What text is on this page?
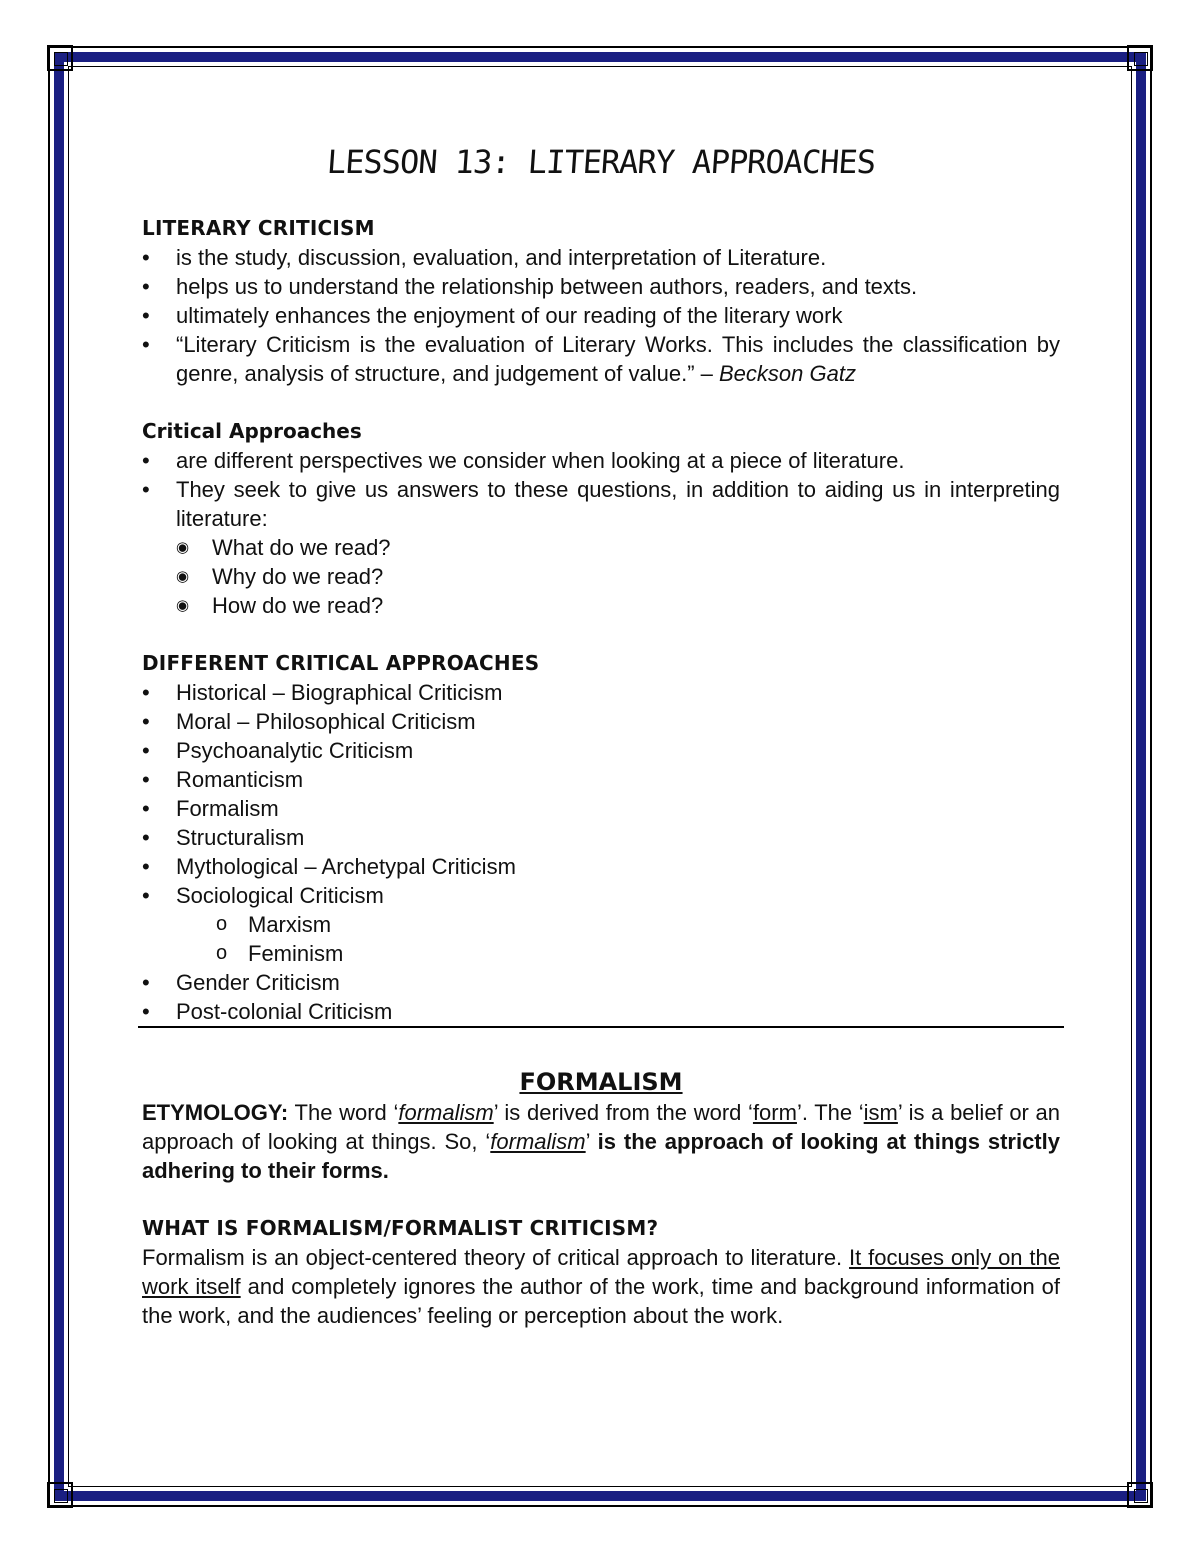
LESSON 13: LITERARY APPROACHES
LITERARY CRITICISM
• is the study, discussion, evaluation, and interpretation of Literature.
• helps us to understand the relationship between authors, readers, and texts.
• ultimately enhances the enjoyment of our reading of the literary work
• “Literary Criticism is the evaluation of Literary Works. This includes the classification by genre, analysis of structure, and judgement of value.” – Beckson Gatz
Critical Approaches
• are different perspectives we consider when looking at a piece of literature.
• They seek to give us answers to these questions, in addition to aiding us in interpreting literature:
◉ What do we read?
◉ Why do we read?
◉ How do we read?
DIFFERENT CRITICAL APPROACHES
• Historical – Biographical Criticism
• Moral – Philosophical Criticism
• Psychoanalytic Criticism
• Romanticism
• Formalism
• Structuralism
• Mythological – Archetypal Criticism
• Sociological Criticism
o Marxism
o Feminism
• Gender Criticism
• Post-colonial Criticism
FORMALISM

ETYMOLOGY: The word ‘formalism’ is derived from the word ‘form’. The ‘ism’ is a belief or an approach of looking at things. So, ‘formalism’ is the approach of looking at things strictly adhering to their forms.

WHAT IS FORMALISM/FORMALIST CRITICISM?

Formalism is an object-centered theory of critical approach to literature. It focuses only on the work itself and completely ignores the author of the work, time and background information of the work, and the audiences’ feeling or perception about the work.
